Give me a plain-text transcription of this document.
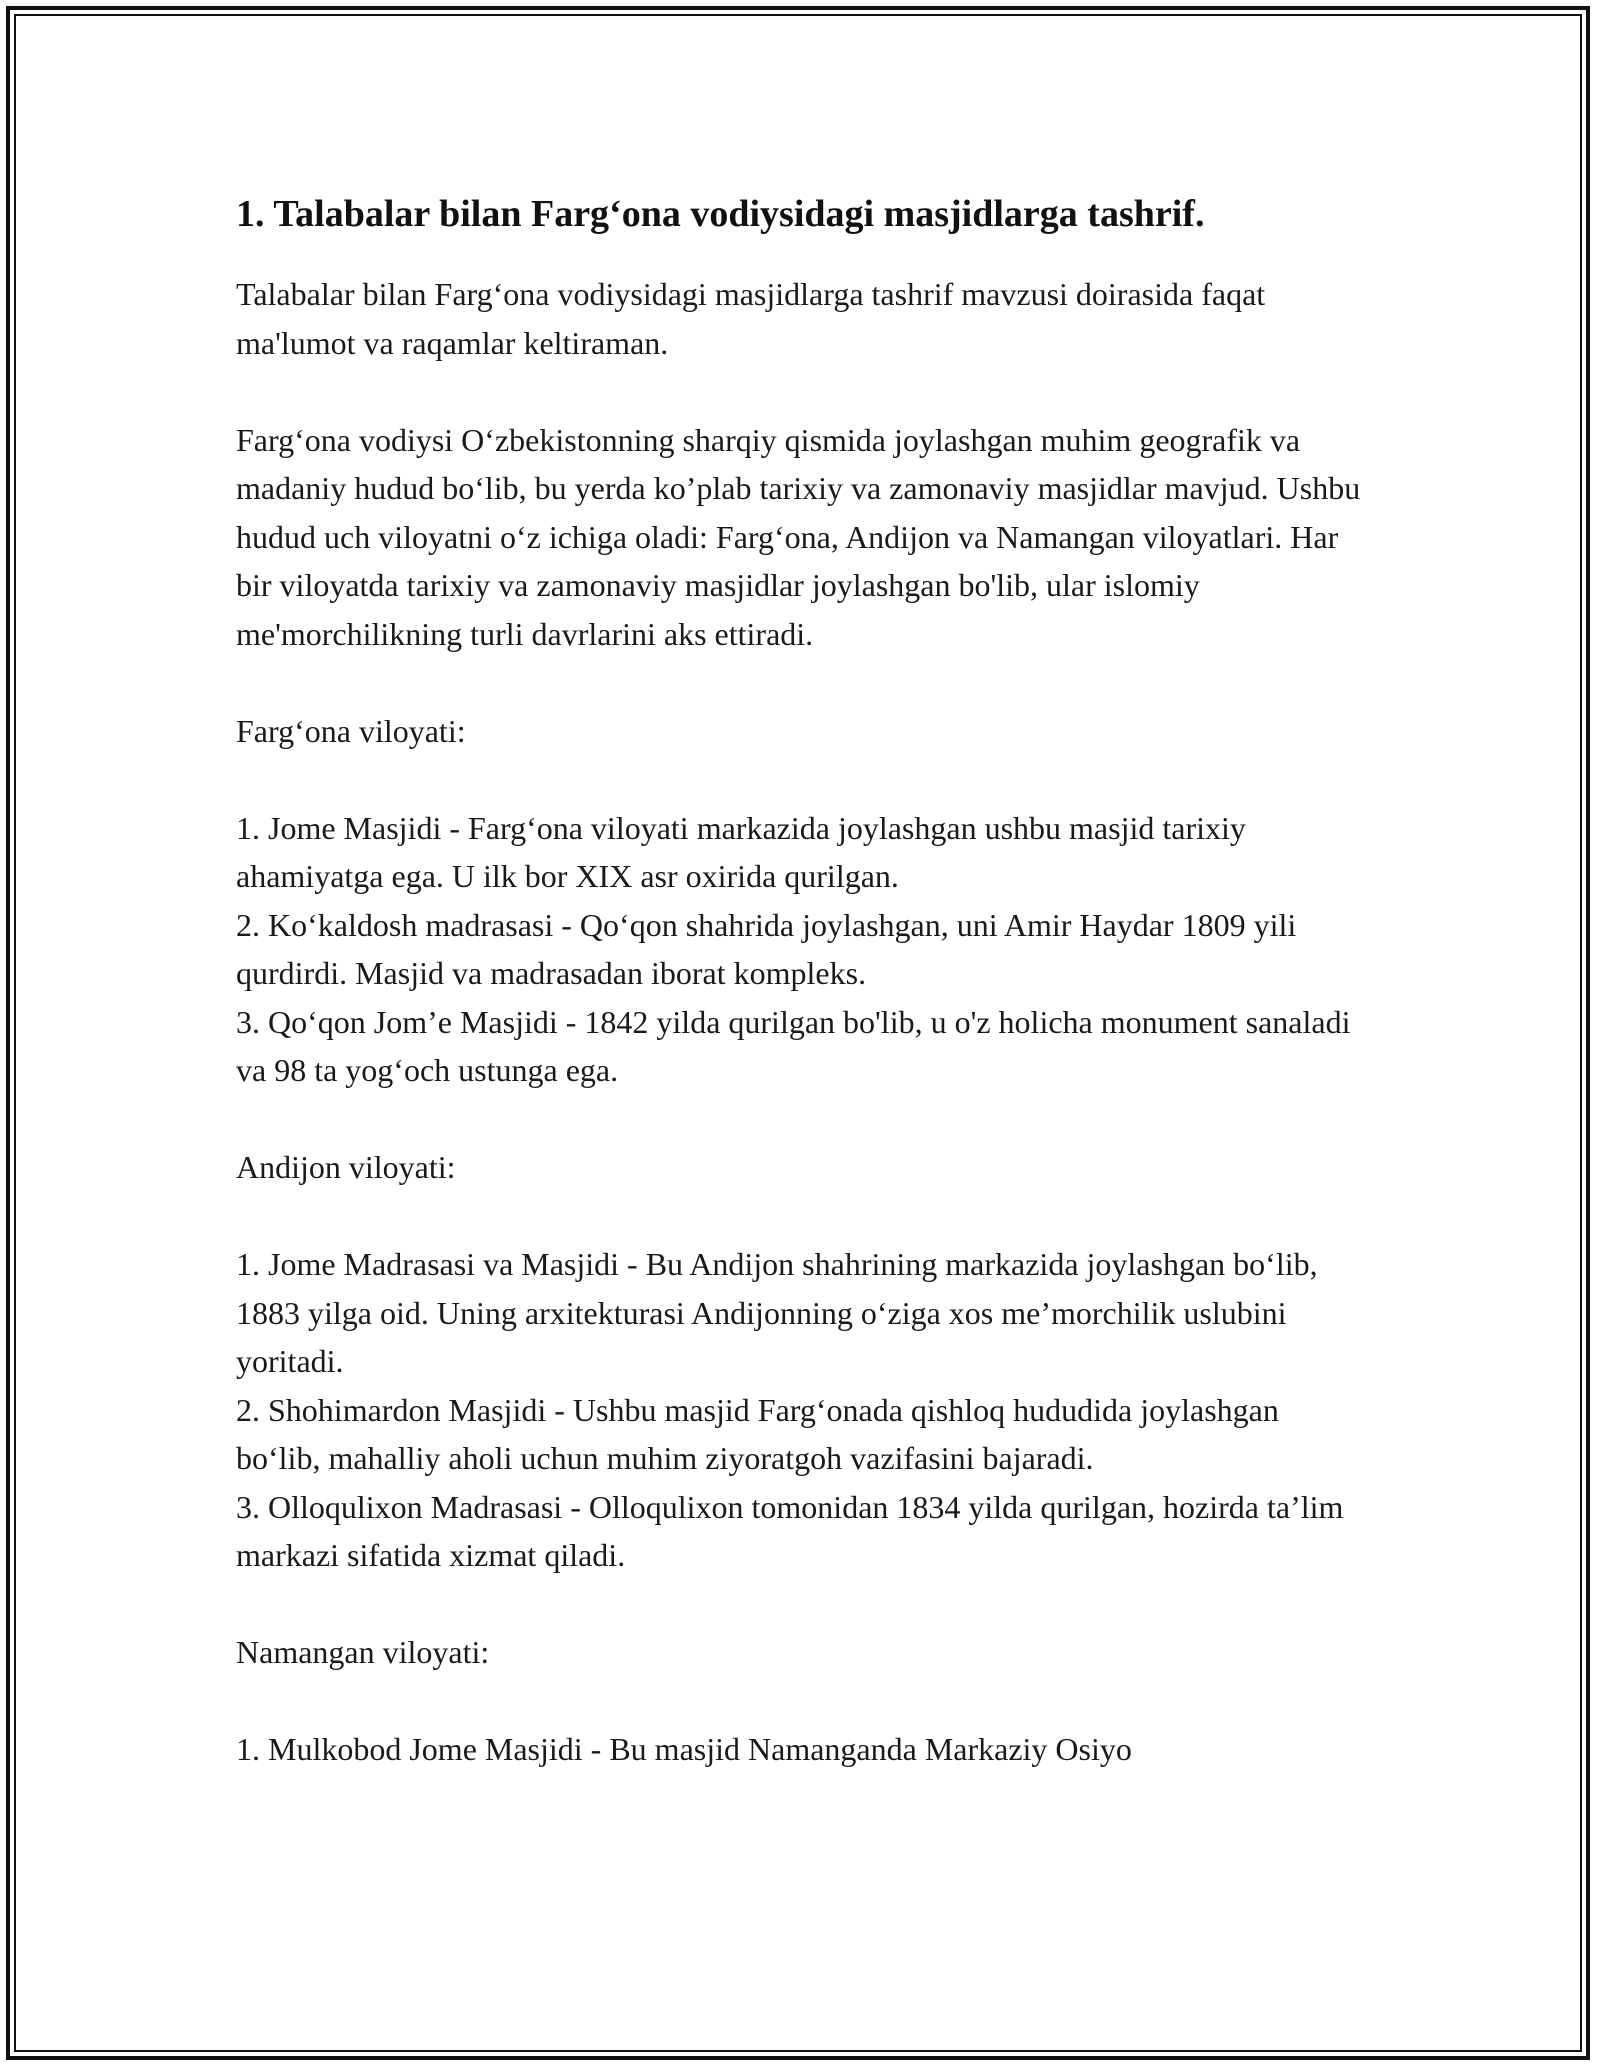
1. Talabalar bilan Farg‘ona vodiysidagi masjidlarga tashrif.

Talabalar bilan Farg‘ona vodiysidagi masjidlarga tashrif mavzusi doirasida faqat ma'lumot va raqamlar keltiraman.

Farg‘ona vodiysi O‘zbekistonning sharqiy qismida joylashgan muhim geografik va madaniy hudud bo‘lib, bu yerda ko’plab tarixiy va zamonaviy masjidlar mavjud. Ushbu hudud uch viloyatni o‘z ichiga oladi: Farg‘ona, Andijon va Namangan viloyatlari. Har bir viloyatda tarixiy va zamonaviy masjidlar joylashgan bo'lib, ular islomiy me'morchilikning turli davrlarini aks ettiradi.

Farg‘ona viloyati:

1. Jome Masjidi - Farg‘ona viloyati markazida joylashgan ushbu masjid tarixiy ahamiyatga ega. U ilk bor XIX asr oxirida qurilgan.

2. Ko‘kaldosh madrasasi - Qo‘qon shahrida joylashgan, uni Amir Haydar 1809 yili qurdirdi. Masjid va madrasadan iborat kompleks.

3. Qo‘qon Jom’e Masjidi - 1842 yilda qurilgan bo'lib, u o'z holicha monument sanaladi va 98 ta yog‘och ustunga ega.

Andijon viloyati:

1. Jome Madrasasi va Masjidi - Bu Andijon shahrining markazida joylashgan bo‘lib, 1883 yilga oid. Uning arxitekturasi Andijonning o‘ziga xos me’morchilik uslubini yoritadi.

2. Shohimardon Masjidi - Ushbu masjid Farg‘onada qishloq hududida joylashgan bo‘lib, mahalliy aholi uchun muhim ziyoratgoh vazifasini bajaradi.

3. Olloqulixon Madrasasi - Olloqulixon tomonidan 1834 yilda qurilgan, hozirda ta’lim markazi sifatida xizmat qiladi.

Namangan viloyati:

1. Mulkobod Jome Masjidi - Bu masjid Namanganda Markaziy Osiyo
